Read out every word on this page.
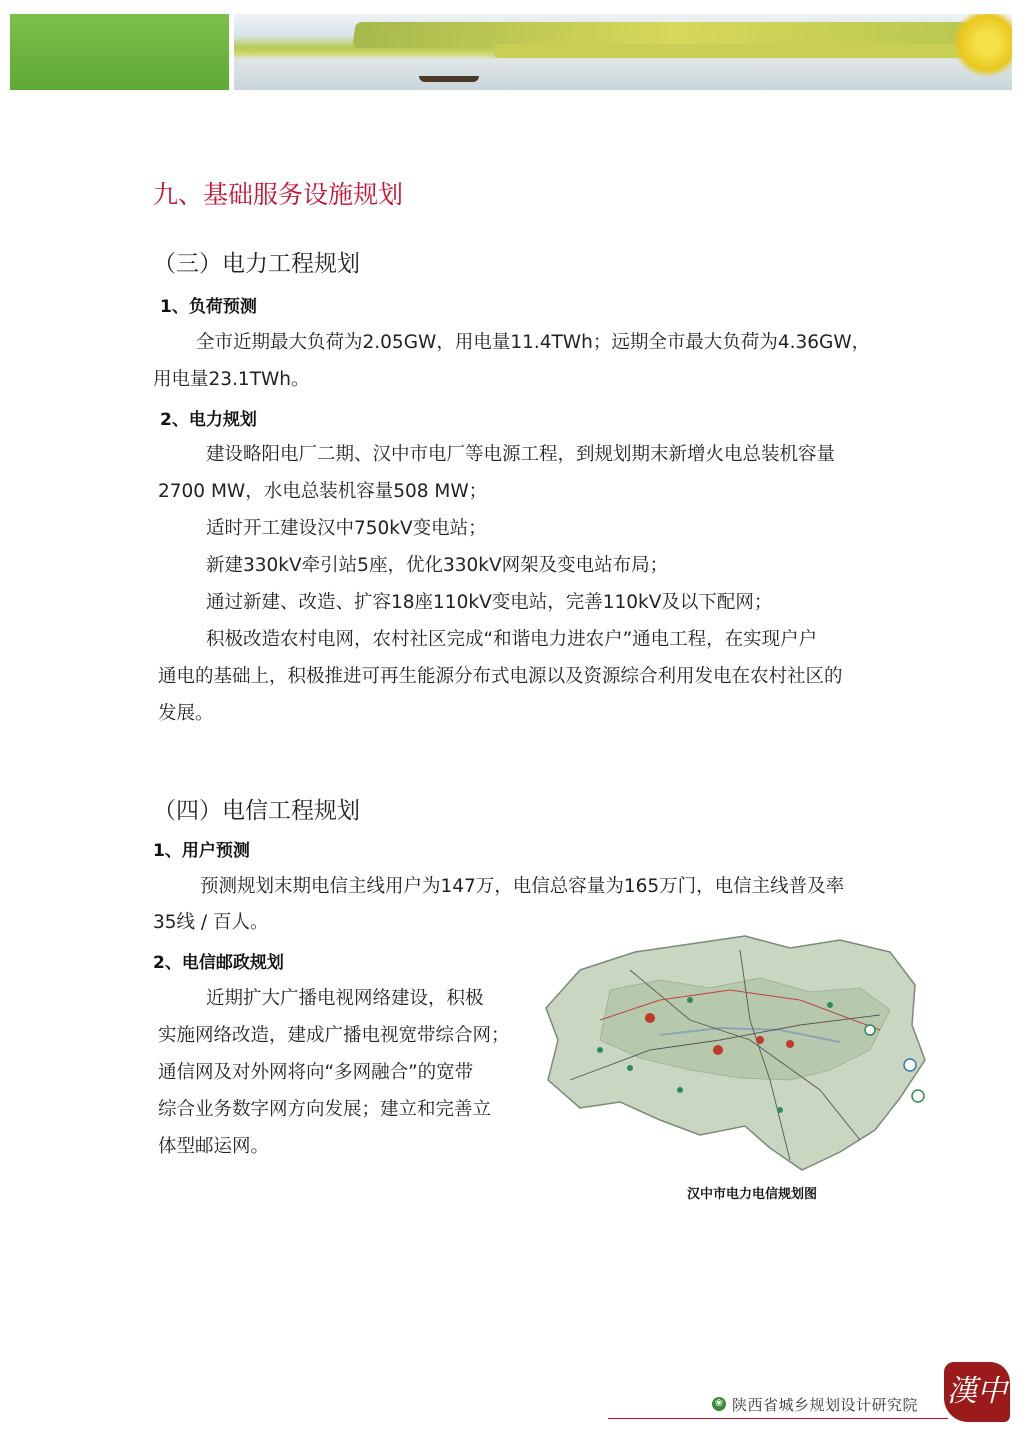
九、基础服务设施规划
（三）电力工程规划
1、负荷预测
全市近期最大负荷为2.05GW，用电量11.4TWh；远期全市最大负荷为4.36GW，
用电量23.1TWh。
2、电力规划
建设略阳电厂二期、汉中市电厂等电源工程，到规划期末新增火电总装机容量
2700 MW，水电总装机容量508 MW；
适时开工建设汉中750kV变电站；
新建330kV牵引站5座，优化330kV网架及变电站布局；
通过新建、改造、扩容18座110kV变电站，完善110kV及以下配网；
积极改造农村电网，农村社区完成“和谐电力进农户”通电工程，在实现户户
通电的基础上，积极推进可再生能源分布式电源以及资源综合利用发电在农村社区的
发展。
（四）电信工程规划
1、用户预测
预测规划末期电信主线用户为147万，电信总容量为165万门，电信主线普及率
35线 / 百人。
2、电信邮政规划
近期扩大广播电视网络建设，积极
实施网络改造，建成广播电视宽带综合网；
通信网及对外网将向“多网融合”的宽带
综合业务数字网方向发展；建立和完善立
体型邮运网。
汉中市电力电信规划图
❀ 陕西省城乡规划设计研究院 漢中
